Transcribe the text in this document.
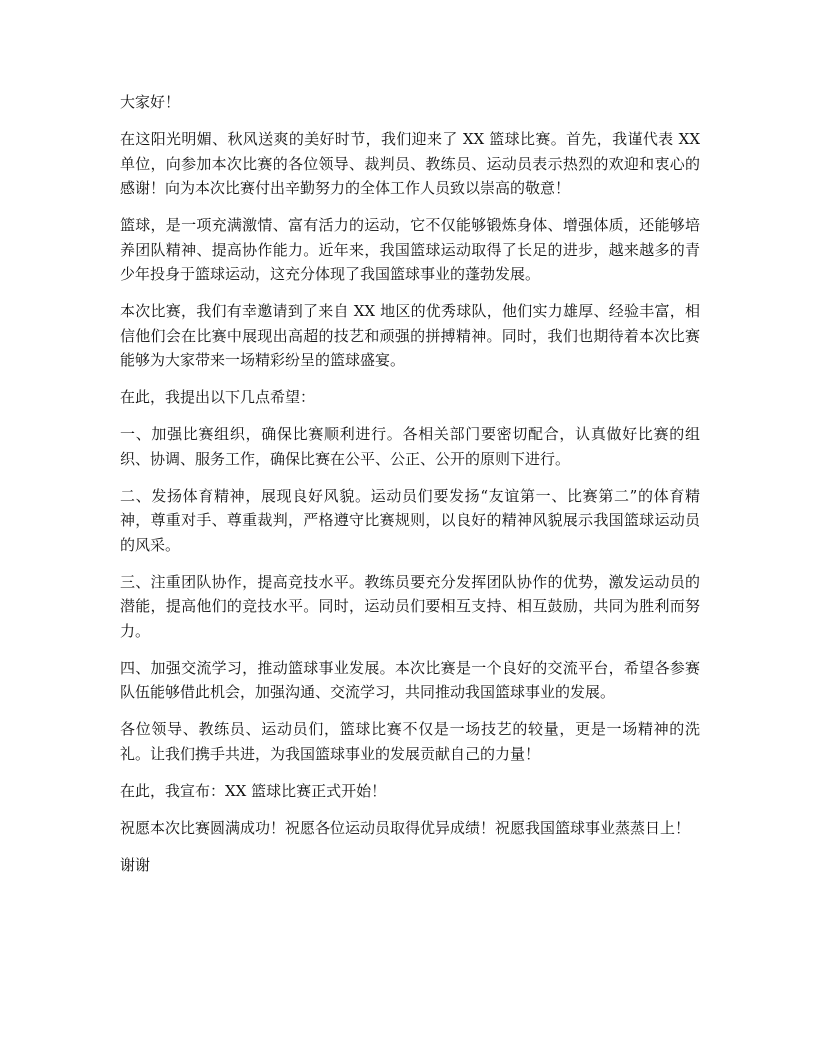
大家好！

在这阳光明媚、秋风送爽的美好时节，我们迎来了 XX 篮球比赛。首先，我谨代表 XX 单位，向参加本次比赛的各位领导、裁判员、教练员、运动员表示热烈的欢迎和衷心的感谢！向为本次比赛付出辛勤努力的全体工作人员致以崇高的敬意！

篮球，是一项充满激情、富有活力的运动，它不仅能够锻炼身体、增强体质，还能够培养团队精神、提高协作能力。近年来，我国篮球运动取得了长足的进步，越来越多的青少年投身于篮球运动，这充分体现了我国篮球事业的蓬勃发展。

本次比赛，我们有幸邀请到了来自 XX 地区的优秀球队，他们实力雄厚、经验丰富，相信他们会在比赛中展现出高超的技艺和顽强的拼搏精神。同时，我们也期待着本次比赛能够为大家带来一场精彩纷呈的篮球盛宴。

在此，我提出以下几点希望：

一、加强比赛组织，确保比赛顺利进行。各相关部门要密切配合，认真做好比赛的组织、协调、服务工作，确保比赛在公平、公正、公开的原则下进行。

二、发扬体育精神，展现良好风貌。运动员们要发扬“友谊第一、比赛第二”的体育精神，尊重对手、尊重裁判，严格遵守比赛规则，以良好的精神风貌展示我国篮球运动员的风采。

三、注重团队协作，提高竞技水平。教练员要充分发挥团队协作的优势，激发运动员的潜能，提高他们的竞技水平。同时，运动员们要相互支持、相互鼓励，共同为胜利而努力。

四、加强交流学习，推动篮球事业发展。本次比赛是一个良好的交流平台，希望各参赛队伍能够借此机会，加强沟通、交流学习，共同推动我国篮球事业的发展。

各位领导、教练员、运动员们，篮球比赛不仅是一场技艺的较量，更是一场精神的洗礼。让我们携手共进，为我国篮球事业的发展贡献自己的力量！

在此，我宣布：XX 篮球比赛正式开始！

祝愿本次比赛圆满成功！祝愿各位运动员取得优异成绩！祝愿我国篮球事业蒸蒸日上！

谢谢
